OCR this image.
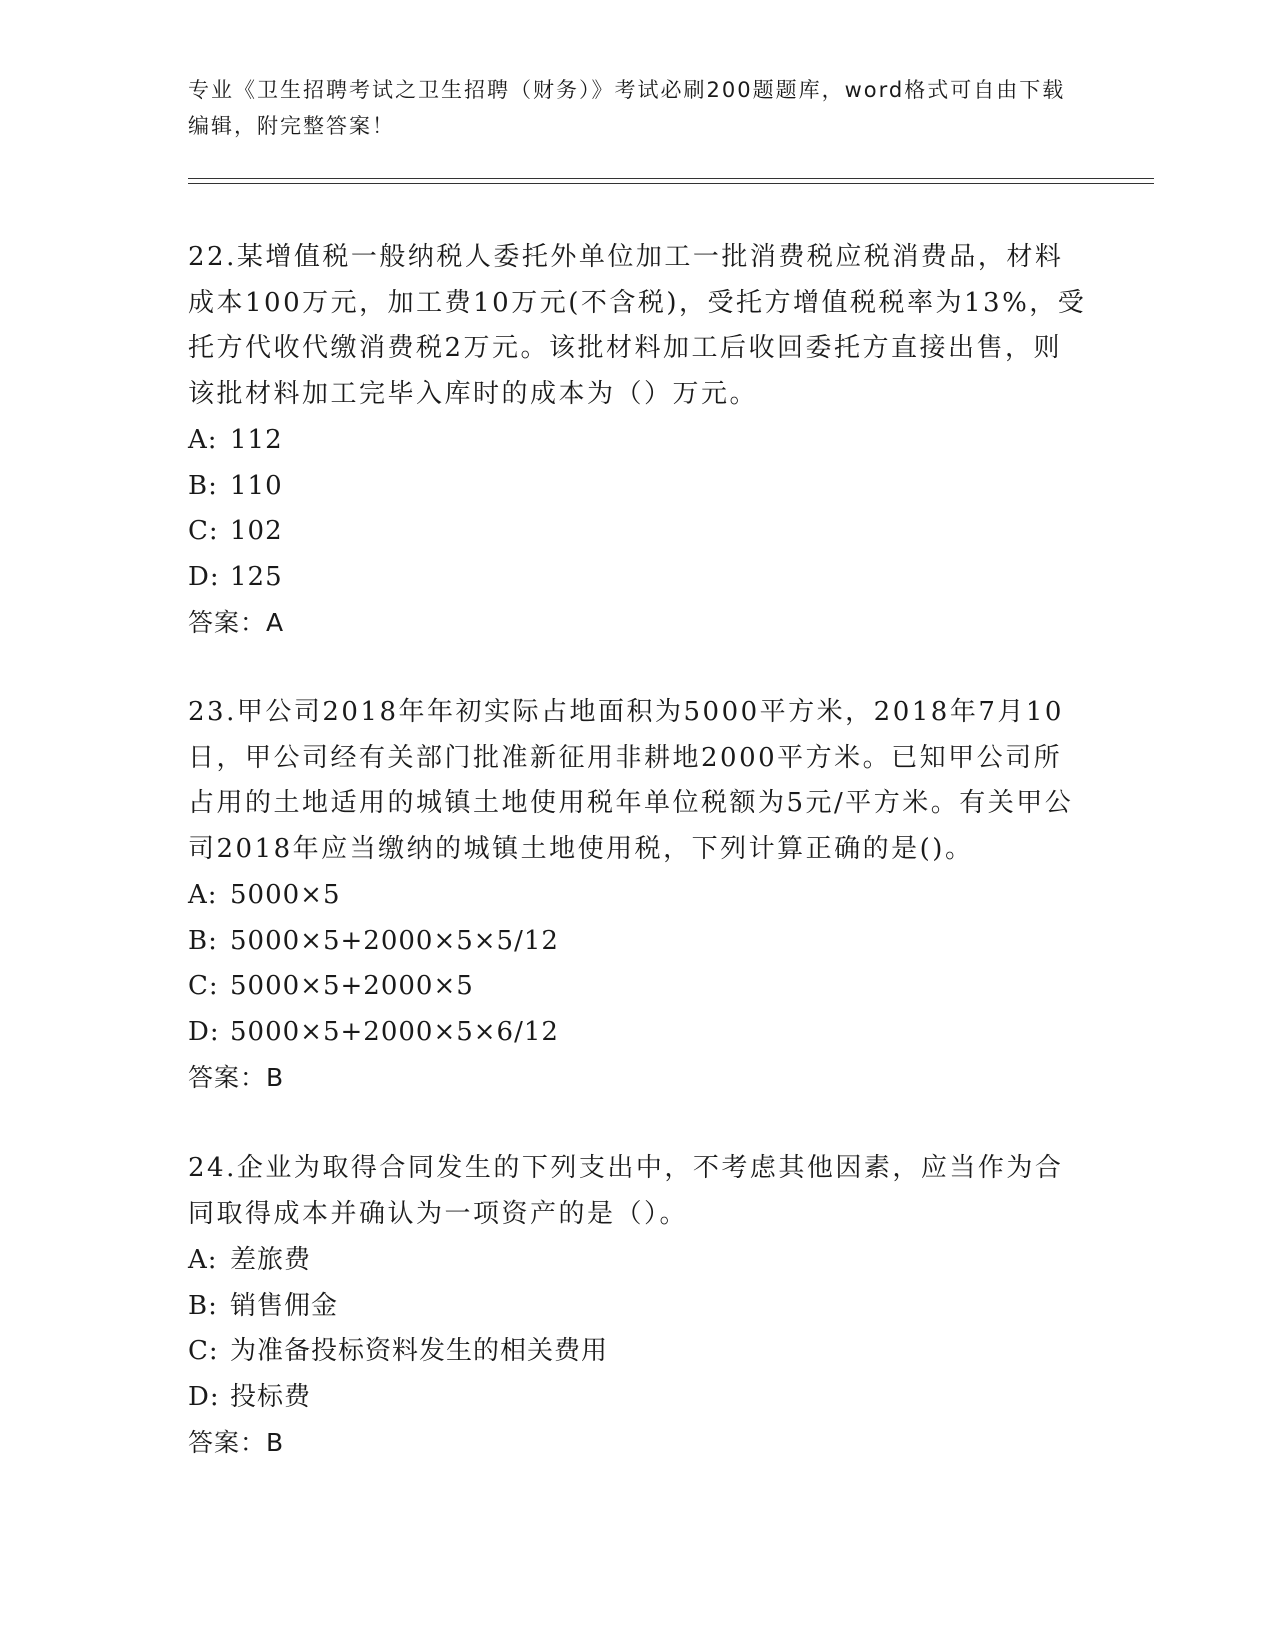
专业《卫生招聘考试之卫生招聘（财务）》考试必刷200题题库，word格式可自由下载编辑，附完整答案！
22.某增值税一般纳税人委托外单位加工一批消费税应税消费品，材料成本100万元，加工费10万元(不含税)，受托方增值税税率为13%，受托方代收代缴消费税2万元。该批材料加工后收回委托方直接出售，则该批材料加工完毕入库时的成本为（）万元。
A: 112
B: 110
C: 102
D: 125
答案：A
23.甲公司2018年年初实际占地面积为5000平方米，2018年7月10日，甲公司经有关部门批准新征用非耕地2000平方米。已知甲公司所占用的土地适用的城镇土地使用税年单位税额为5元/平方米。有关甲公司2018年应当缴纳的城镇土地使用税，下列计算正确的是()。
A: 5000×5
B: 5000×5+2000×5×5/12
C: 5000×5+2000×5
D: 5000×5+2000×5×6/12
答案：B
24.企业为取得合同发生的下列支出中，不考虑其他因素，应当作为合同取得成本并确认为一项资产的是（）。
A: 差旅费
B: 销售佣金
C: 为准备投标资料发生的相关费用
D: 投标费
答案：B
